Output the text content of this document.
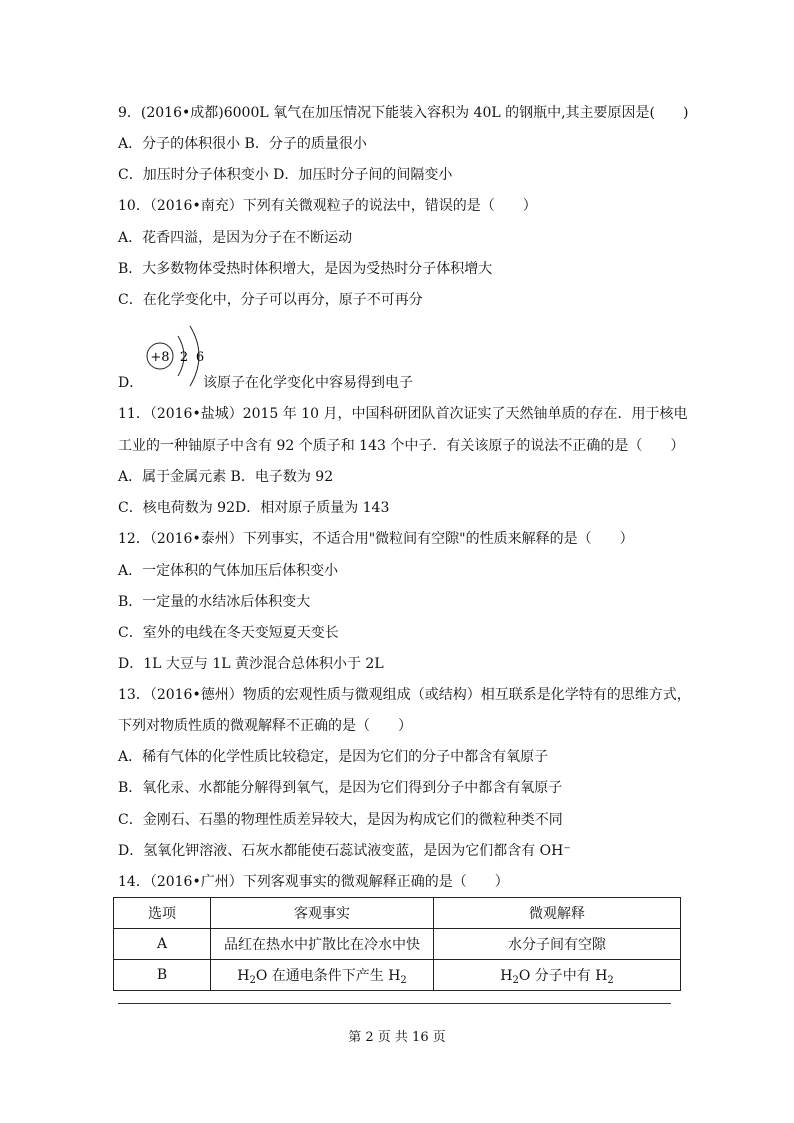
9．(2016•成都)6000L 氧气在加压情况下能装入容积为 40L 的钢瓶中,其主要原因是(　　)
A．分子的体积很小 B．分子的质量很小
C．加压时分子体积变小 D．加压时分子间的间隔变小
10．（2016•南充）下列有关微观粒子的说法中，错误的是（　　）
A．花香四溢，是因为分子在不断运动
B．大多数物体受热时体积增大，是因为受热时分子体积增大
C．在化学变化中，分子可以再分，原子不可再分
+8 2 6
D．	该原子在化学变化中容易得到电子
11．（2016•盐城）2015 年 10 月，中国科研团队首次证实了天然铀单质的存在．用于核电
工业的一种铀原子中含有 92 个质子和 143 个中子．有关该原子的说法不正确的是（　　）
A．属于金属元素 B．电子数为 92
C．核电荷数为 92D．相对原子质量为 143
12．（2016•泰州）下列事实，不适合用"微粒间有空隙"的性质来解释的是（　　）
A．一定体积的气体加压后体积变小
B．一定量的水结冰后体积变大
C．室外的电线在冬天变短夏天变长
D．1L 大豆与 1L 黄沙混合总体积小于 2L
13．（2016•德州）物质的宏观性质与微观组成（或结构）相互联系是化学特有的思维方式，
下列对物质性质的微观解释不正确的是（　　）
A．稀有气体的化学性质比较稳定，是因为它们的分子中都含有氧原子
B．氧化汞、水都能分解得到氧气，是因为它们得到分子中都含有氧原子
C．金刚石、石墨的物理性质差异较大，是因为构成它们的微粒种类不同
D．氢氧化钾溶液、石灰水都能使石蕊试液变蓝，是因为它们都含有 OH⁻
14．（2016•广州）下列客观事实的微观解释正确的是（　　）
选项	客观事实	微观解释
A	品红在热水中扩散比在冷水中快	水分子间有空隙
B	$H_2O$ 在通电条件下产生 $H_2$	$H_2O$ 分子中有 $H_2$
第 2 页 共 16 页
